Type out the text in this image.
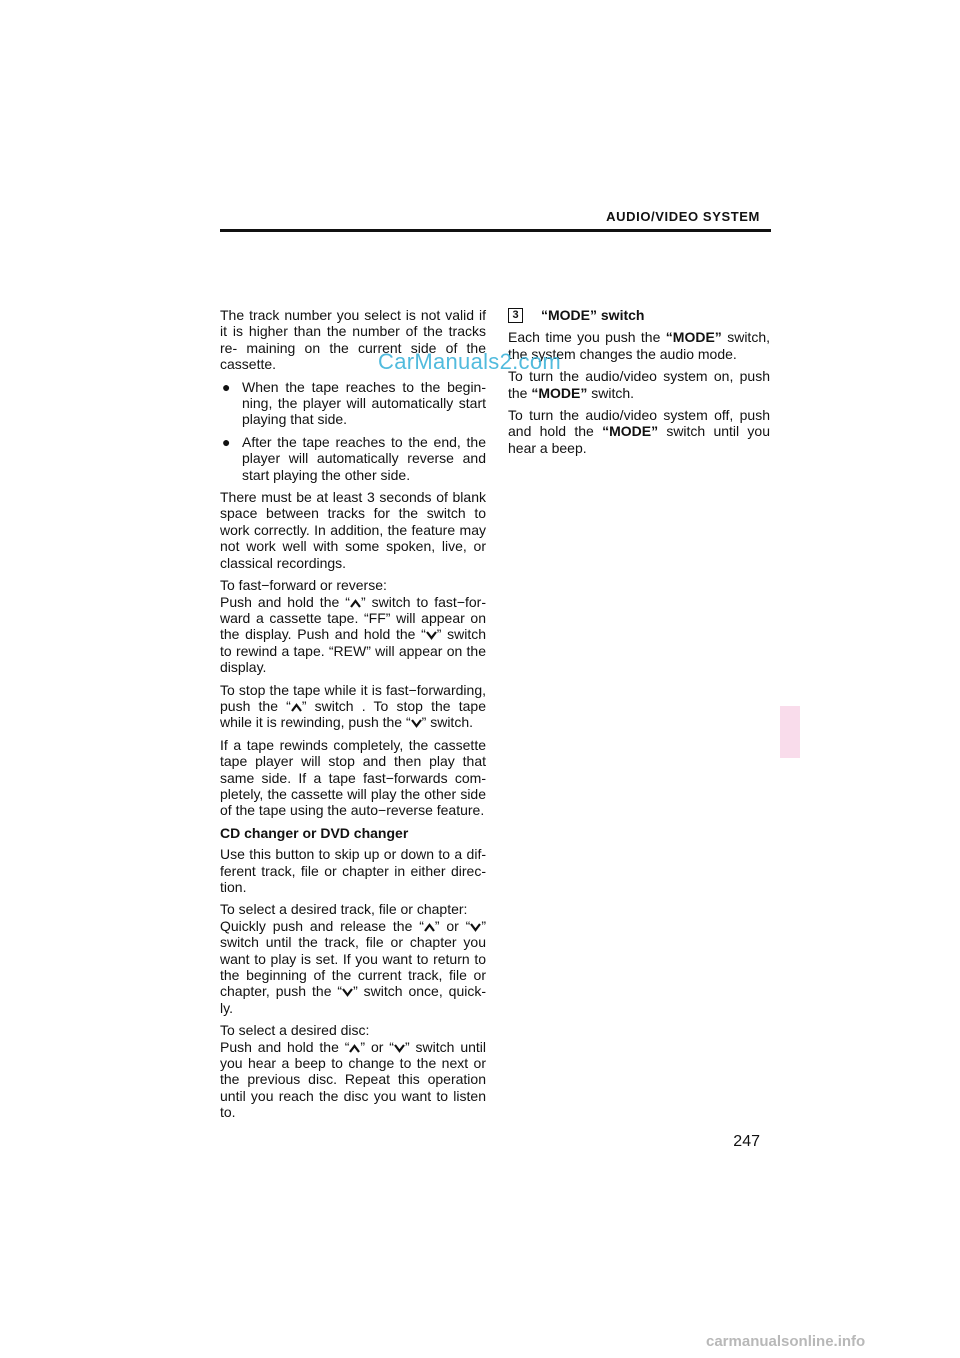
AUDIO/VIDEO SYSTEM

The track number you select is not valid if it is higher than the number of the tracks re- maining on the current side of the cassette.

● When the tape reaches to the begin- ning, the player will automatically start playing that side.
● After the tape reaches to the end, the player will automatically reverse and start playing the other side.

There must be at least 3 seconds of blank space between tracks for the switch to work correctly. In addition, the feature may not work well with some spoken, live, or classical recordings.

To fast−forward or reverse:
Push and hold the “ ” switch to fast−for- ward a cassette tape. “FF” will appear on the display. Push and hold the “ ” switch to rewind a tape. “REW” will appear on the display.

To stop the tape while it is fast−forwarding, push the “ ” switch . To stop the tape while it is rewinding, push the “ ” switch.

If a tape rewinds completely, the cassette tape player will stop and then play that same side. If a tape fast−forwards com- pletely, the cassette will play the other side of the tape using the auto−reverse feature.

CD changer or DVD changer

Use this button to skip up or down to a dif- ferent track, file or chapter in either direc- tion.

To select a desired track, file or chapter:
Quickly push and release the “ ” or “ ” switch until the track, file or chapter you want to play is set. If you want to return to the beginning of the current track, file or chapter, push the “ ” switch once, quick- ly.
To select a desired disc:
Push and hold the “ ” or “ ” switch until you hear a beep to change to the next or the previous disc. Repeat this operation until you reach the disc you want to listen to.
3	“MODE” switch

Each time you push the “MODE” switch, the system changes the audio mode.

To turn the audio/video system on, push the “MODE” switch.

To turn the audio/video system off, push and hold the “MODE” switch until you hear a beep.

CarManuals2.com
247
carmanualsonline.info
